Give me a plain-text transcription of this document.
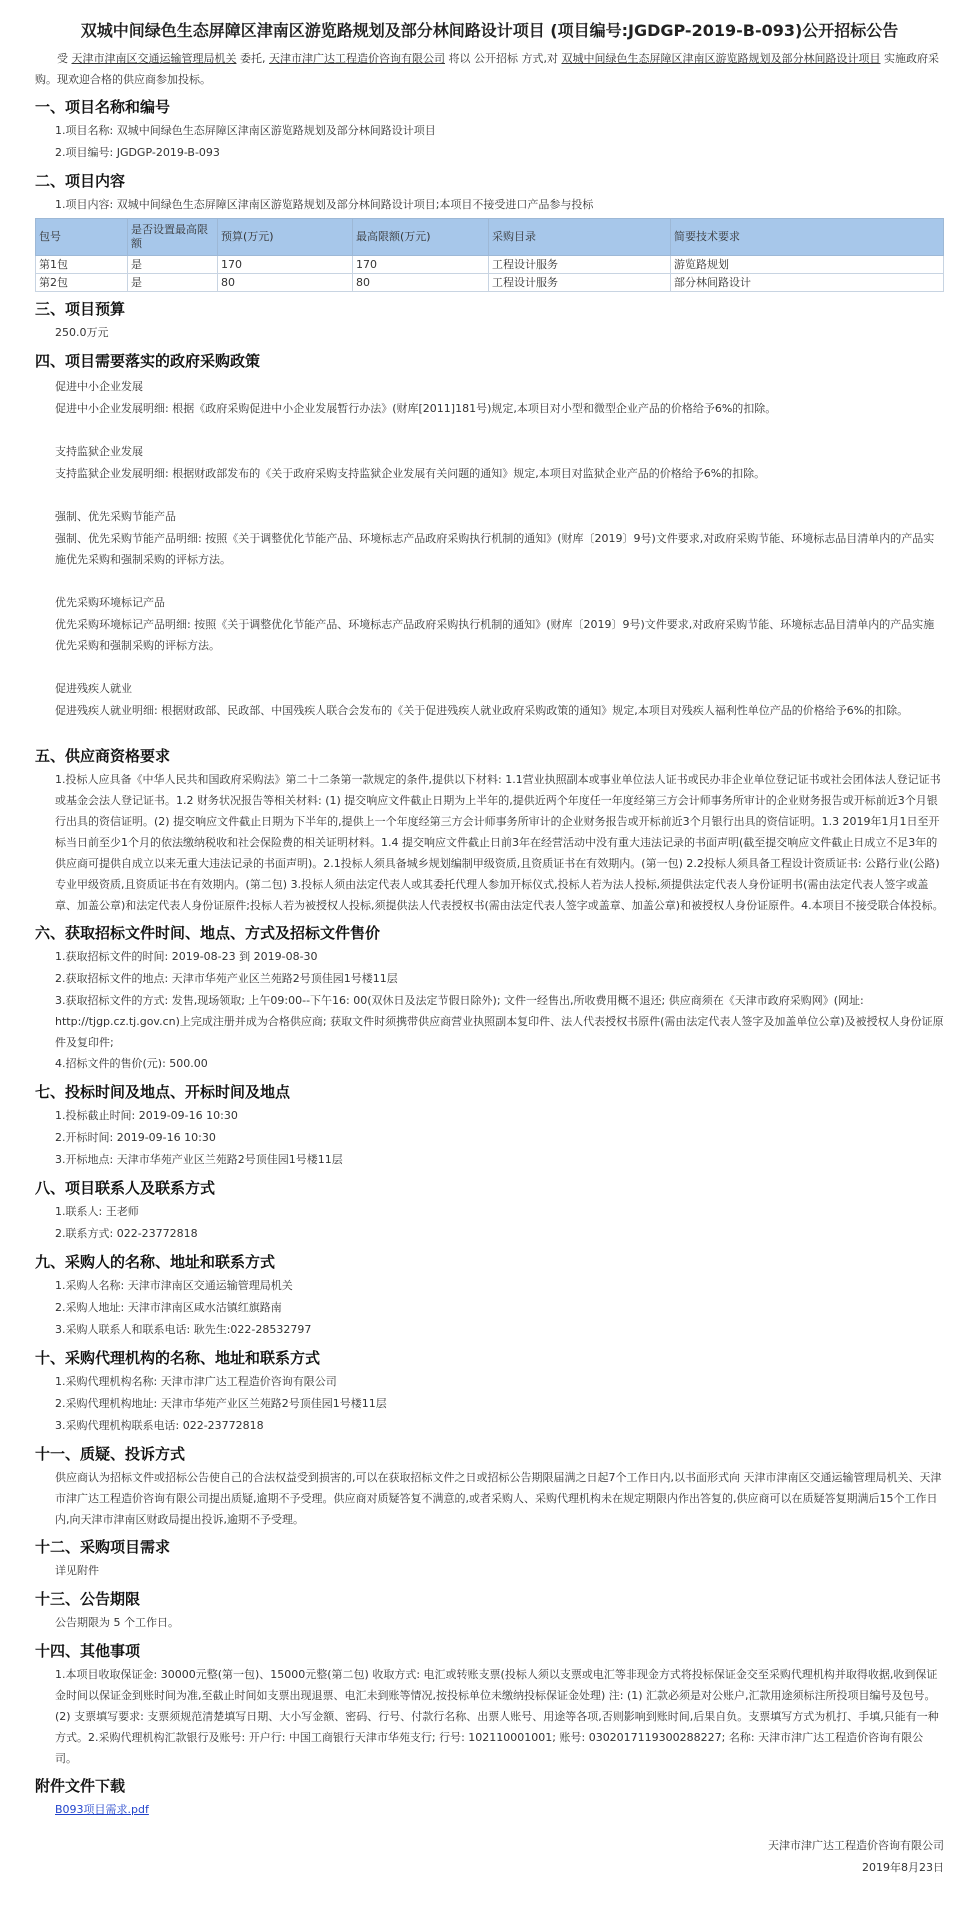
双城中间绿色生态屏障区津南区游览路规划及部分林间路设计项目 (项目编号:JGDGP-2019-B-093)公开招标公告

受 天津市津南区交通运输管理局机关 委托, 天津市津广达工程造价咨询有限公司 将以 公开招标 方式,对 双城中间绿色生态屏障区津南区游览路规划及部分林间路设计项目 实施政府采购。现欢迎合格的供应商参加投标。

一、项目名称和编号
1.项目名称: 双城中间绿色生态屏障区津南区游览路规划及部分林间路设计项目
2.项目编号: JGDGP-2019-B-093
二、项目内容
1.项目内容: 双城中间绿色生态屏障区津南区游览路规划及部分林间路设计项目;本项目不接受进口产品参与投标
包号	是否设置最高限额	预算(万元)	最高限额(万元)	采购目录	简要技术要求
第1包	是	170	170	工程设计服务	游览路规划
第2包	是	80	80	工程设计服务	部分林间路设计
三、项目预算
250.0万元
四、项目需要落实的政府采购政策
促进中小企业发展
促进中小企业发展明细: 根据《政府采购促进中小企业发展暂行办法》(财库[2011]181号)规定,本项目对小型和微型企业产品的价格给予6%的扣除。
支持监狱企业发展
支持监狱企业发展明细: 根据财政部发布的《关于政府采购支持监狱企业发展有关问题的通知》规定,本项目对监狱企业产品的价格给予6%的扣除。
强制、优先采购节能产品
强制、优先采购节能产品明细: 按照《关于调整优化节能产品、环境标志产品政府采购执行机制的通知》(财库〔2019〕9号)文件要求,对政府采购节能、环境标志品目清单内的产品实施优先采购和强制采购的评标方法。
优先采购环境标记产品
优先采购环境标记产品明细: 按照《关于调整优化节能产品、环境标志产品政府采购执行机制的通知》(财库〔2019〕9号)文件要求,对政府采购节能、环境标志品目清单内的产品实施优先采购和强制采购的评标方法。
促进残疾人就业
促进残疾人就业明细: 根据财政部、民政部、中国残疾人联合会发布的《关于促进残疾人就业政府采购政策的通知》规定,本项目对残疾人福利性单位产品的价格给予6%的扣除。
五、供应商资格要求
1.投标人应具备《中华人民共和国政府采购法》第二十二条第一款规定的条件,提供以下材料: 1.1营业执照副本或事业单位法人证书或民办非企业单位登记证书或社会团体法人登记证书或基金会法人登记证书。1.2 财务状况报告等相关材料: (1) 提交响应文件截止日期为上半年的,提供近两个年度任一年度经第三方会计师事务所审计的企业财务报告或开标前近3个月银行出具的资信证明。(2) 提交响应文件截止日期为下半年的,提供上一个年度经第三方会计师事务所审计的企业财务报告或开标前近3个月银行出具的资信证明。1.3 2019年1月1日至开标当日前至少1个月的依法缴纳税收和社会保险费的相关证明材料。1.4 提交响应文件截止日前3年在经营活动中没有重大违法记录的书面声明(截至提交响应文件截止日成立不足3年的供应商可提供自成立以来无重大违法记录的书面声明)。2.1投标人须具备城乡规划编制甲级资质,且资质证书在有效期内。(第一包) 2.2投标人须具备工程设计资质证书: 公路行业(公路)专业甲级资质,且资质证书在有效期内。(第二包) 3.投标人须由法定代表人或其委托代理人参加开标仪式,投标人若为法人投标,须提供法定代表人身份证明书(需由法定代表人签字或盖章、加盖公章)和法定代表人身份证原件;投标人若为被授权人投标,须提供法人代表授权书(需由法定代表人签字或盖章、加盖公章)和被授权人身份证原件。4.本项目不接受联合体投标。
六、获取招标文件时间、地点、方式及招标文件售价
1.获取招标文件的时间: 2019-08-23 到 2019-08-30
2.获取招标文件的地点: 天津市华苑产业区兰苑路2号顶佳园1号楼11层
3.获取招标文件的方式: 发售,现场领取; 上午09:00--下午16: 00(双休日及法定节假日除外); 文件一经售出,所收费用概不退还; 供应商须在《天津市政府采购网》(网址: http://tjgp.cz.tj.gov.cn)上完成注册并成为合格供应商; 获取文件时须携带供应商营业执照副本复印件、法人代表授权书原件(需由法定代表人签字及加盖单位公章)及被授权人身份证原件及复印件;
4.招标文件的售价(元): 500.00
七、投标时间及地点、开标时间及地点
1.投标截止时间: 2019-09-16 10:30
2.开标时间: 2019-09-16 10:30
3.开标地点: 天津市华苑产业区兰苑路2号顶佳园1号楼11层
八、项目联系人及联系方式
1.联系人: 王老师
2.联系方式: 022-23772818
九、采购人的名称、地址和联系方式
1.采购人名称: 天津市津南区交通运输管理局机关
2.采购人地址: 天津市津南区咸水沽镇红旗路南
3.采购人联系人和联系电话: 耿先生:022-28532797
十、采购代理机构的名称、地址和联系方式
1.采购代理机构名称: 天津市津广达工程造价咨询有限公司
2.采购代理机构地址: 天津市华苑产业区兰苑路2号顶佳园1号楼11层
3.采购代理机构联系电话: 022-23772818
十一、质疑、投诉方式
供应商认为招标文件或招标公告使自己的合法权益受到损害的,可以在获取招标文件之日或招标公告期限届满之日起7个工作日内,以书面形式向 天津市津南区交通运输管理局机关、天津市津广达工程造价咨询有限公司提出质疑,逾期不予受理。供应商对质疑答复不满意的,或者采购人、采购代理机构未在规定期限内作出答复的,供应商可以在质疑答复期满后15个工作日内,向天津市津南区财政局提出投诉,逾期不予受理。
十二、采购项目需求
详见附件
十三、公告期限
公告期限为 5 个工作日。
十四、其他事项
1.本项目收取保证金: 30000元整(第一包)、15000元整(第二包) 收取方式: 电汇或转账支票(投标人须以支票或电汇等非现金方式将投标保证金交至采购代理机构并取得收据,收到保证金时间以保证金到账时间为准,至截止时间如支票出现退票、电汇未到账等情况,按投标单位未缴纳投标保证金处理) 注: (1) 汇款必须是对公账户,汇款用途须标注所投项目编号及包号。(2) 支票填写要求: 支票须规范清楚填写日期、大小写金额、密码、行号、付款行名称、出票人账号、用途等各项,否则影响到账时间,后果自负。支票填写方式为机打、手填,只能有一种方式。2.采购代理机构汇款银行及账号: 开户行: 中国工商银行天津市华苑支行; 行号: 102110001001; 账号: 0302017119300288227; 名称: 天津市津广达工程造价咨询有限公司。
附件文件下载
B093项目需求.pdf
天津市津广达工程造价咨询有限公司
2019年8月23日
